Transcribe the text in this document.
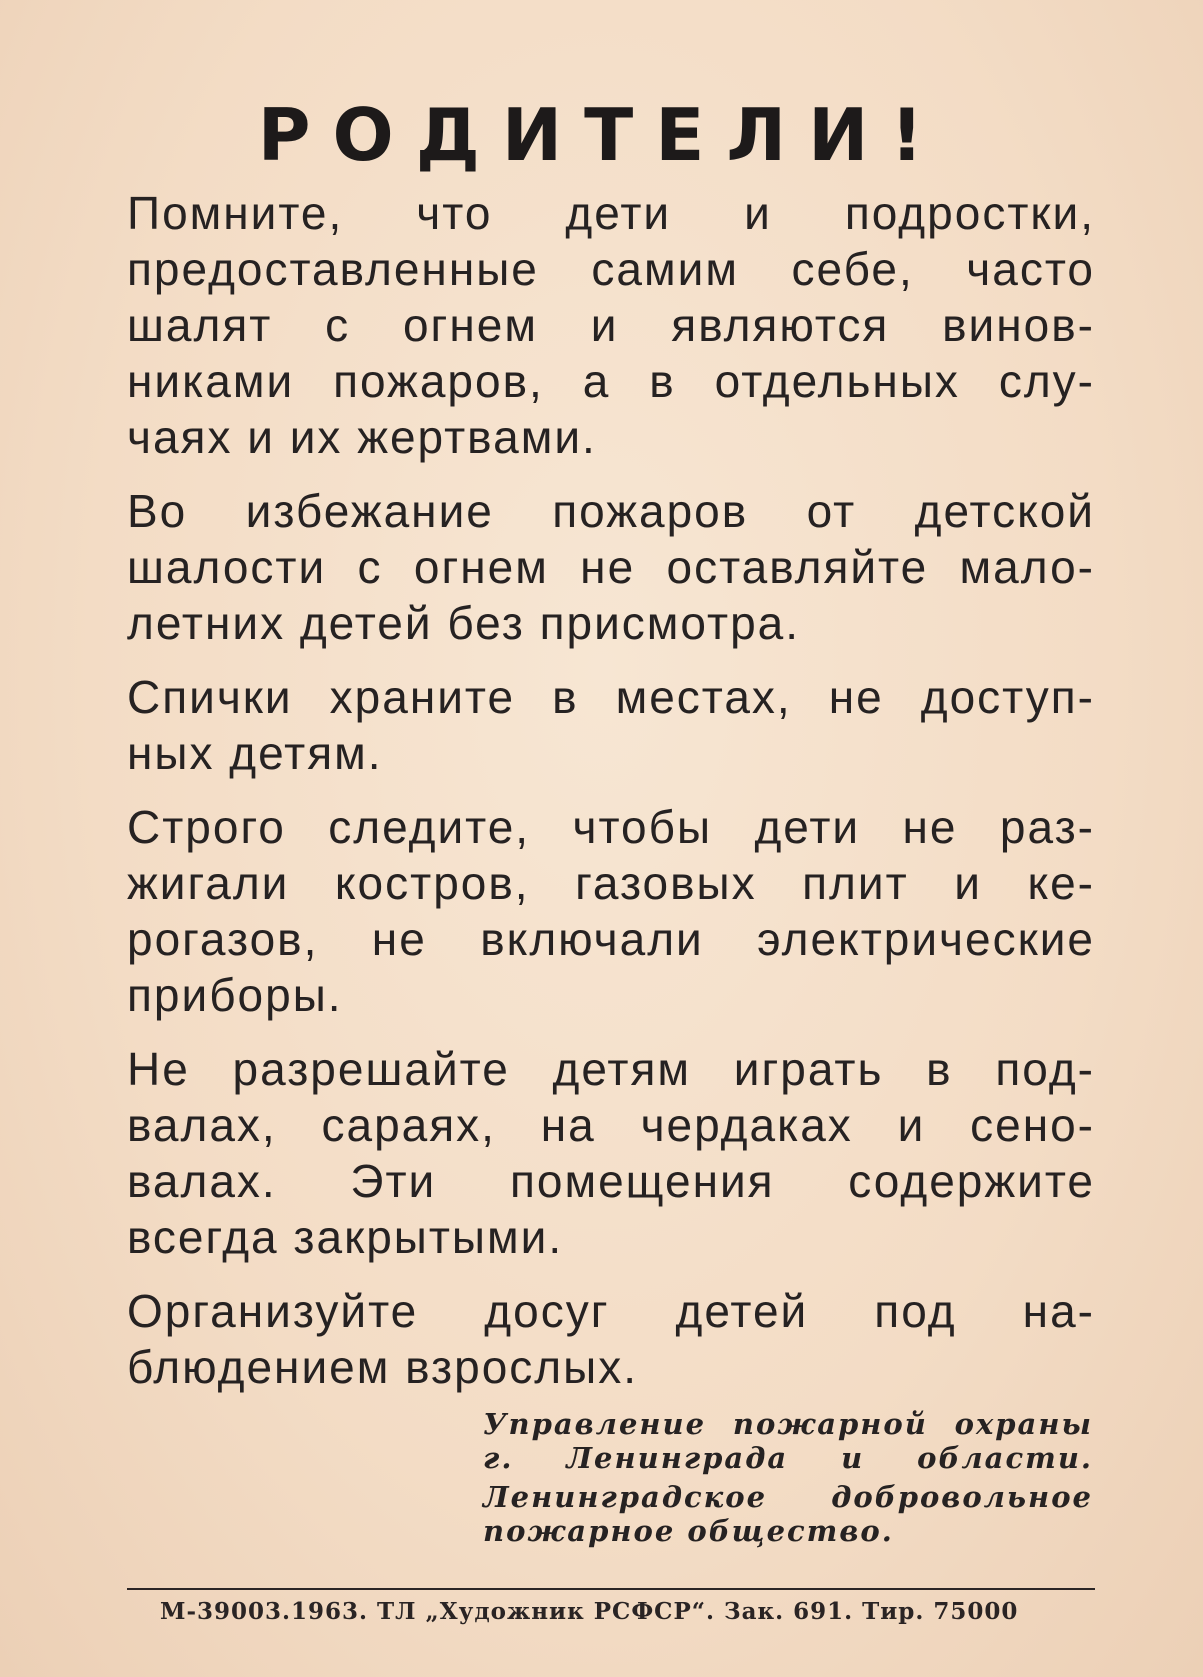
РОДИТЕЛИ!
Помните, что дети и подростки,
предоставленные самим себе, часто
шалят с огнем и являются винов-
никами пожаров, а в отдельных слу-
чаях и их жертвами.
Во избежание пожаров от детской
шалости с огнем не оставляйте мало-
летних детей без присмотра.
Спички храните в местах, не доступ-
ных детям.
Строго следите, чтобы дети не раз-
жигали костров, газовых плит и ке-
рогазов, не включали электрические
приборы.
Не разрешайте детям играть в под-
валах, сараях, на чердаках и сено-
валах. Эти помещения содержите
всегда закрытыми.
Организуйте досуг детей под на-
блюдением взрослых.
Управление пожарной охраны
г. Ленинграда и области.
Ленинградское добровольное
пожарное общество.
М-39003.1963. ТЛ „Художник РСФСР“. Зак. 691. Тир. 75000
